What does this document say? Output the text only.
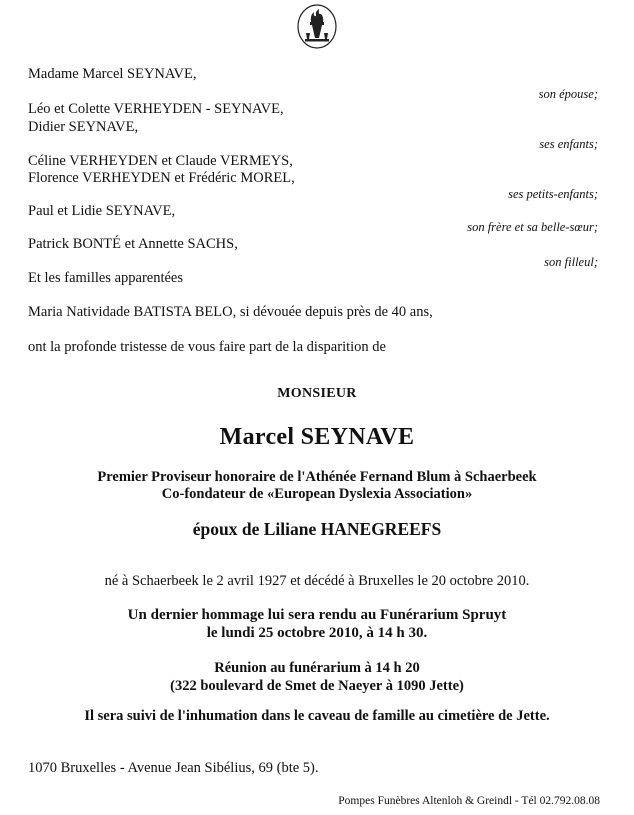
Madame Marcel SEYNAVE,
son épouse;
Léo et Colette VERHEYDEN - SEYNAVE,
Didier SEYNAVE,
ses enfants;
Céline VERHEYDEN et Claude VERMEYS,
Florence VERHEYDEN et Frédéric MOREL,
ses petits-enfants;
Paul et Lidie SEYNAVE,
son frère et sa belle-sœur;
Patrick BONTÉ et Annette SACHS,
son filleul;
Et les familles apparentées
Maria Natividade BATISTA BELO, si dévouée depuis près de 40 ans,
ont la profonde tristesse de vous faire part de la disparition de
MONSIEUR
Marcel SEYNAVE
Premier Proviseur honoraire de l'Athénée Fernand Blum à Schaerbeek
Co-fondateur de «European Dyslexia Association»
époux de Liliane HANEGREEFS
né à Schaerbeek le 2 avril 1927 et décédé à Bruxelles le 20 octobre 2010.
Un dernier hommage lui sera rendu au Funérarium Spruyt
le lundi 25 octobre 2010, à 14 h 30.
Réunion au funérarium à 14 h 20
(322 boulevard de Smet de Naeyer à 1090 Jette)
Il sera suivi de l'inhumation dans le caveau de famille au cimetière de Jette.
1070 Bruxelles - Avenue Jean Sibélius, 69 (bte 5).
Pompes Funèbres Altenloh & Greindl - Tél 02.792.08.08
